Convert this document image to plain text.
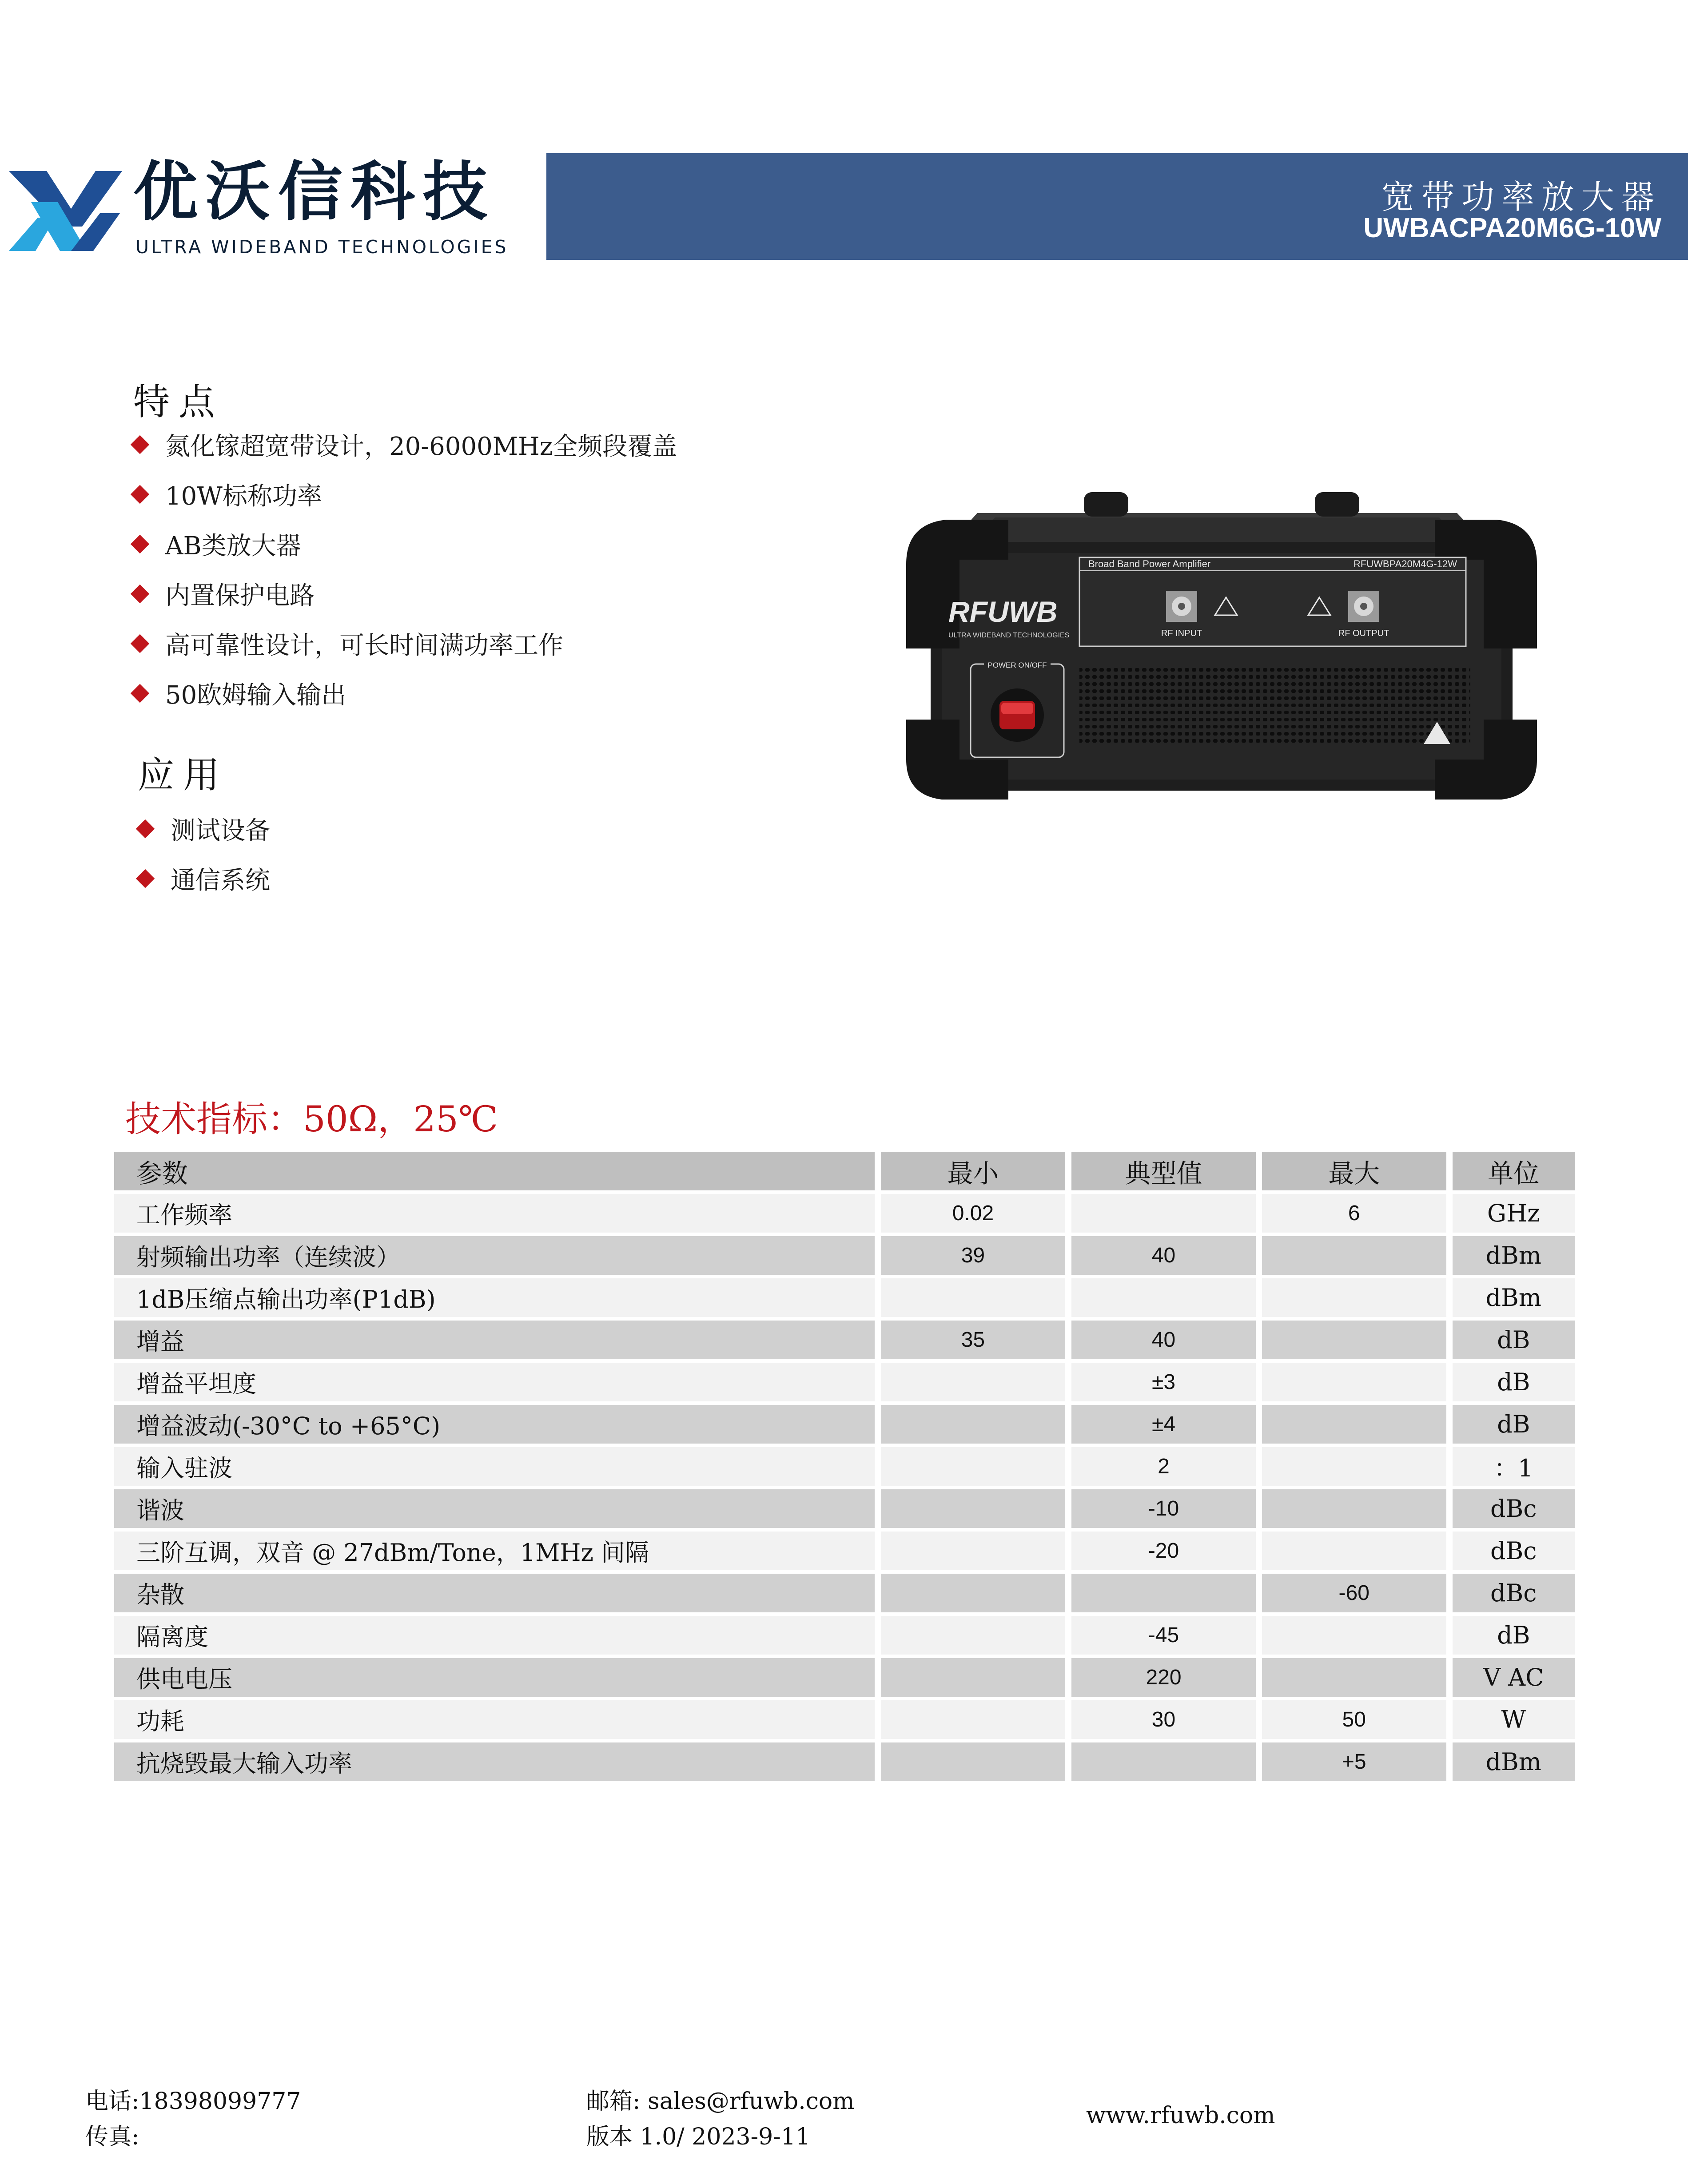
优沃信科技
ULTRA WIDEBAND TECHNOLOGIES
宽带功率放大器
UWBACPA20M6G-10W
特点
氮化镓超宽带设计，20-6000MHz全频段覆盖
10W标称功率
AB类放大器
内置保护电路
高可靠性设计，可长时间满功率工作
50欧姆输入输出
应用
测试设备
通信系统
Broad Band Power Amplifier	RFUWBPA20M4G-12W
RF INPUT	RF OUTPUT
RFUWB
ULTRA WIDEBAND TECHNOLOGIES
POWER ON/OFF
技术指标：50Ω，25℃
参数	最小	典型值	最大	单位
工作频率	0.02		6	GHz
射频输出功率（连续波）	39	40		dBm
1dB压缩点输出功率(P1dB)				dBm
增益	35	40		dB
增益平坦度		±3		dB
增益波动(-30°C to +65°C)		±4		dB
输入驻波		2		：1
谐波		-10		dBc
三阶互调，双音 @ 27dBm/Tone，1MHz 间隔		-20		dBc
杂散			-60	dBc
隔离度		-45		dB
供电电压		220		V AC
功耗		30	50	W
抗烧毁最大输入功率			+5	dBm
电话:18398099777
传真:
邮箱: sales@rfuwb.com
版本 1.0/ 2023-9-11
www.rfuwb.com
